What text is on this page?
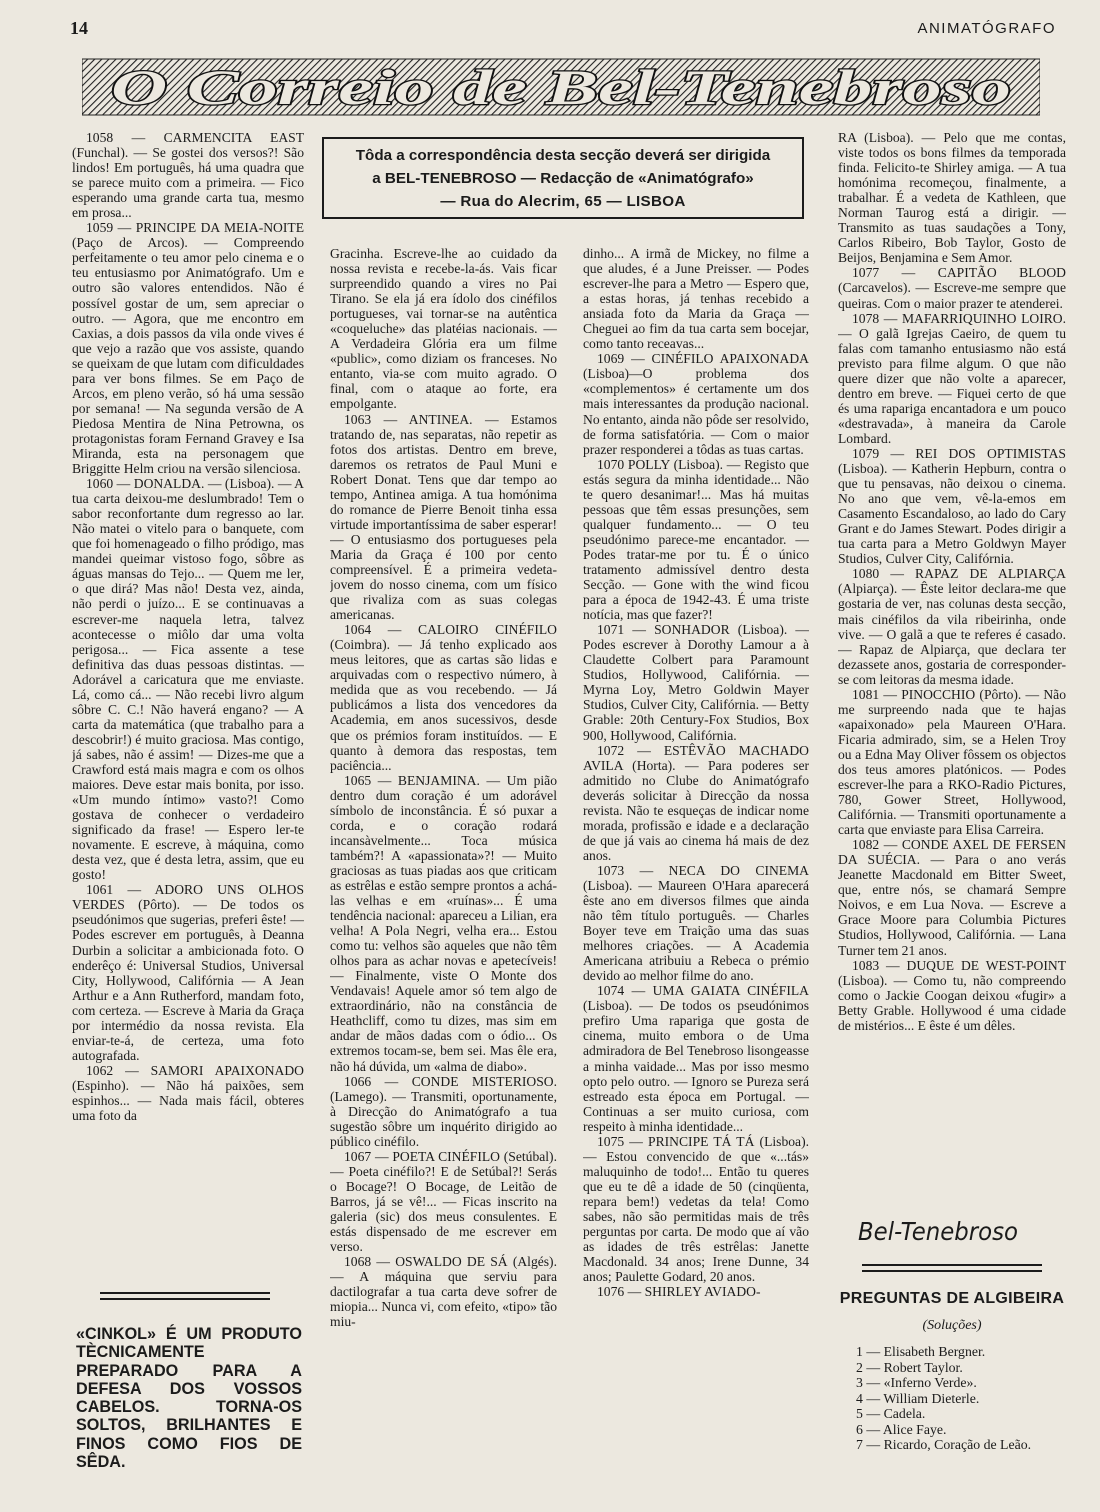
14	ANIMATÓGRAFO
O Correio de Bel-Tenebroso
Tôda a correspondência desta secção deverá ser dirigida
a BEL-TENEBROSO — Redacção de «Animatógrafo»
— Rua do Alecrim, 65 — LISBOA

1058 — CARMENCITA EAST (Funchal). — Se gostei dos versos?! São lindos! Em português, há uma quadra que se parece muito com a primeira. — Fico esperando uma grande carta tua, mesmo em prosa...

1059 — PRINCIPE DA MEIA-NOITE (Paço de Arcos). — Compreendo perfeitamente o teu amor pelo cinema e o teu entusiasmo por Animatógrafo. Um e outro são valores entendidos. Não é possível gostar de um, sem apreciar o outro. — Agora, que me encontro em Caxias, a dois passos da vila onde vives é que vejo a razão que vos assiste, quando se queixam de que lutam com dificuldades para ver bons filmes. Se em Paço de Arcos, em pleno verão, só há uma sessão por semana! — Na segunda versão de A Piedosa Mentira de Nina Petrowna, os protagonistas foram Fernand Gravey e Isa Miranda, esta na personagem que Briggitte Helm criou na versão silenciosa.

1060 — DONALDA. — (Lisboa). — A tua carta deixou-me deslumbrado! Tem o sabor reconfortante dum regresso ao lar. Não matei o vitelo para o banquete, com que foi homenageado o filho pródigo, mas mandei queimar vistoso fogo, sôbre as águas mansas do Tejo... — Quem me ler, o que dirá? Mas não! Desta vez, ainda, não perdi o juízo... E se continuavas a escrever-me naquela letra, talvez acontecesse o miôlo dar uma volta perigosa... — Fica assente a tese definitiva das duas pessoas distintas. — Adorável a caricatura que me enviaste. Lá, como cá... — Não recebi livro algum sôbre C. C.! Não haverá engano? — A carta da matemática (que trabalho para a descobrir!) é muito graciosa. Mas contigo, já sabes, não é assim! — Dizes-me que a Crawford está mais magra e com os olhos maiores. Deve estar mais bonita, por isso. «Um mundo íntimo» vasto?! Como gostava de conhecer o verdadeiro significado da frase! — Espero ler-te novamente. E escreve, à máquina, como desta vez, que é desta letra, assim, que eu gosto!

1061 — ADORO UNS OLHOS VERDES (Pôrto). — De todos os pseudónimos que sugerias, preferi êste! — Podes escrever em português, à Deanna Durbin a solicitar a ambicionada foto. O enderêço é: Universal Studios, Universal City, Hollywood, Califórnia — A Jean Arthur e a Ann Rutherford, mandam foto, com certeza. — Escreve à Maria da Graça por intermédio da nossa revista. Ela enviar-te-á, de certeza, uma foto autografada.

1062 — SAMORI APAIXONADO (Espinho). — Não há paixões, sem espinhos... — Nada mais fácil, obteres uma foto da

Gracinha. Escreve-lhe ao cuidado da nossa revista e recebe-la-ás. Vais ficar surpreendido quando a vires no Pai Tirano. Se ela já era ídolo dos cinéfilos portugueses, vai tornar-se na autêntica «coqueluche» das platéias nacionais. — A Verdadeira Glória era um filme «public», como diziam os franceses. No entanto, via-se com muito agrado. O final, com o ataque ao forte, era empolgante.

1063 — ANTINEA. — Estamos tratando de, nas separatas, não repetir as fotos dos artistas. Dentro em breve, daremos os retratos de Paul Muni e Robert Donat. Tens que dar tempo ao tempo, Antinea amiga. A tua homónima do romance de Pierre Benoit tinha essa virtude importantíssima de saber esperar! — O entusiasmo dos portugueses pela Maria da Graça é 100 por cento compreensível. É a primeira vedeta-jovem do nosso cinema, com um físico que rivaliza com as suas colegas americanas.

1064 — CALOIRO CINÉFILO (Coimbra). — Já tenho explicado aos meus leitores, que as cartas são lidas e arquivadas com o respectivo número, à medida que as vou recebendo. — Já publicámos a lista dos vencedores da Academia, em anos sucessivos, desde que os prémios foram instituídos. — E quanto à demora das respostas, tem paciência...

1065 — BENJAMINA. — Um pião dentro dum coração é um adorável símbolo de inconstância. É só puxar a corda, e o coração rodará incansàvelmente... Toca música também?! A «apassionata»?! — Muito graciosas as tuas piadas aos que criticam as estrêlas e estão sempre prontos a achá-las velhas e em «ruínas»... É uma tendência nacional: apareceu a Lilian, era velha! A Pola Negri, velha era... Estou como tu: velhos são aqueles que não têm olhos para as achar novas e apetecíveis! — Finalmente, viste O Monte dos Vendavais! Aquele amor só tem algo de extraordinário, não na constância de Heathcliff, como tu dizes, mas sim em andar de mãos dadas com o ódio... Os extremos tocam-se, bem sei. Mas êle era, não há dúvida, um «alma de diabo».

1066 — CONDE MISTERIOSO. (Lamego). — Transmiti, oportunamente, à Direcção do Animatógrafo a tua sugestão sôbre um inquérito dirigido ao público cinéfilo.

1067 — POETA CINÉFILO (Setúbal). — Poeta cinéfilo?! E de Setúbal?! Serás o Bocage?! O Bocage, de Leitão de Barros, já se vê!... — Ficas inscrito na galeria (sic) dos meus consulentes. E estás dispensado de me escrever em verso.

1068 — OSWALDO DE SÁ (Algés). — A máquina que serviu para dactilografar a tua carta deve sofrer de miopia... Nunca vi, com efeito, «tipo» tão miu-

dinho... A irmã de Mickey, no filme a que aludes, é a June Preisser. — Podes escrever-lhe para a Metro — Espero que, a estas horas, já tenhas recebido a ansiada foto da Maria da Graça — Cheguei ao fim da tua carta sem bocejar, como tanto receavas...

1069 — CINÉFILO APAIXONADA (Lisboa)—O problema dos «complementos» é certamente um dos mais interessantes da produção nacional. No entanto, ainda não pôde ser resolvido, de forma satisfatória. — Com o maior prazer responderei a tôdas as tuas cartas.

1070 POLLY (Lisboa). — Registo que estás segura da minha identidade... Não te quero desanimar!... Mas há muitas pessoas que têm essas presunções, sem qualquer fundamento... — O teu pseudónimo parece-me encantador. — Podes tratar-me por tu. É o único tratamento admissível dentro desta Secção. — Gone with the wind ficou para a época de 1942-43. É uma triste notícia, mas que fazer?!

1071 — SONHADOR (Lisboa). — Podes escrever à Dorothy Lamour a à Claudette Colbert para Paramount Studios, Hollywood, Califórnia. — Myrna Loy, Metro Goldwin Mayer Studios, Culver City, Califórnia. — Betty Grable: 20th Century-Fox Studios, Box 900, Hollywood, Califórnia.

1072 — ESTÊVÃO MACHADO AVILA (Horta). — Para poderes ser admitido no Clube do Animatógrafo deverás solicitar à Direcção da nossa revista. Não te esqueças de indicar nome morada, profissão e idade e a declaração de que já vais ao cinema há mais de dez anos.

1073 — NECA DO CINEMA (Lisboa). — Maureen O'Hara aparecerá êste ano em diversos filmes que ainda não têm título português. — Charles Boyer teve em Traição uma das suas melhores criações. — A Academia Americana atribuiu a Rebeca o prémio devido ao melhor filme do ano.

1074 — UMA GAIATA CINÉFILA (Lisboa). — De todos os pseudónimos prefiro Uma rapariga que gosta de cinema, muito embora o de Uma admiradora de Bel Tenebroso lisongeasse a minha vaidade... Mas por isso mesmo opto pelo outro. — Ignoro se Pureza será estreado esta época em Portugal. — Continuas a ser muito curiosa, com respeito à minha identidade...

1075 — PRINCIPE TÁ TÁ (Lisboa). — Estou convencido de que «...tás» maluquinho de todo!... Então tu queres que eu te dê a idade de 50 (cinqüenta, repara bem!) vedetas da tela! Como sabes, não são permitidas mais de três perguntas por carta. De modo que aí vão as idades de três estrêlas: Janette Macdonald. 34 anos; Irene Dunne, 34 anos; Paulette Godard, 20 anos.

1076 — SHIRLEY AVIADO-

RA (Lisboa). — Pelo que me contas, viste todos os bons filmes da temporada finda. Felicito-te Shirley amiga. — A tua homónima recomeçou, finalmente, a trabalhar. É a vedeta de Kathleen, que Norman Taurog está a dirigir. — Transmito as tuas saudações a Tony, Carlos Ribeiro, Bob Taylor, Gosto de Beijos, Benjamina e Sem Amor.

1077 — CAPITÃO BLOOD (Carcavelos). — Escreve-me sempre que queiras. Com o maior prazer te atenderei.

1078 — MAFARRIQUINHO LOIRO. — O galã Igrejas Caeiro, de quem tu falas com tamanho entusiasmo não está previsto para filme algum. O que não quere dizer que não volte a aparecer, dentro em breve. — Fiquei certo de que és uma rapariga encantadora e um pouco «destravada», à maneira da Carole Lombard.

1079 — REI DOS OPTIMISTAS (Lisboa). — Katherin Hepburn, contra o que tu pensavas, não deixou o cinema. No ano que vem, vê-la-emos em Casamento Escandaloso, ao lado do Cary Grant e do James Stewart. Podes dirigir a tua carta para a Metro Goldwyn Mayer Studios, Culver City, Califórnia.

1080 — RAPAZ DE ALPIARÇA (Alpiarça). — Êste leitor declara-me que gostaria de ver, nas colunas desta secção, mais cinéfilos da vila ribeirinha, onde vive. — O galã a que te referes é casado. — Rapaz de Alpiarça, que declara ter dezassete anos, gostaria de corresponder-se com leitoras da mesma idade.

1081 — PINOCCHIO (Pôrto). — Não me surpreendo nada que te hajas «apaixonado» pela Maureen O'Hara. Ficaria admirado, sim, se a Helen Troy ou a Edna May Oliver fôssem os objectos dos teus amores platónicos. — Podes escrever-lhe para a RKO-Radio Pictures, 780, Gower Street, Hollywood, Califórnia. — Transmiti oportunamente a carta que enviaste para Elisa Carreira.

1082 — CONDE AXEL DE FERSEN DA SUÉCIA. — Para o ano verás Jeanette Macdonald em Bitter Sweet, que, entre nós, se chamará Sempre Noivos, e em Lua Nova. — Escreve a Grace Moore para Columbia Pictures Studios, Hollywood, Califórnia. — Lana Turner tem 21 anos.

1083 — DUQUE DE WEST-POINT (Lisboa). — Como tu, não compreendo como o Jackie Coogan deixou «fugir» a Betty Grable. Hollywood é uma cidade de mistérios... E êste é um dêles.

«CINKOL» É UM PRODUTO TÈCNICAMENTE PREPARADO PARA A DEFESA DOS VOSSOS CABELOS. TORNA-OS SOLTOS, BRILHANTES E FINOS COMO FIOS DE SÊDA.
Bel-Tenebroso
PREGUNTAS DE ALGIBEIRA
(Soluções)
1 — Elisabeth Bergner.
2 — Robert Taylor.
3 — «Inferno Verde».
4 — William Dieterle.
5 — Cadela.
6 — Alice Faye.
7 — Ricardo, Coração de Leão.
